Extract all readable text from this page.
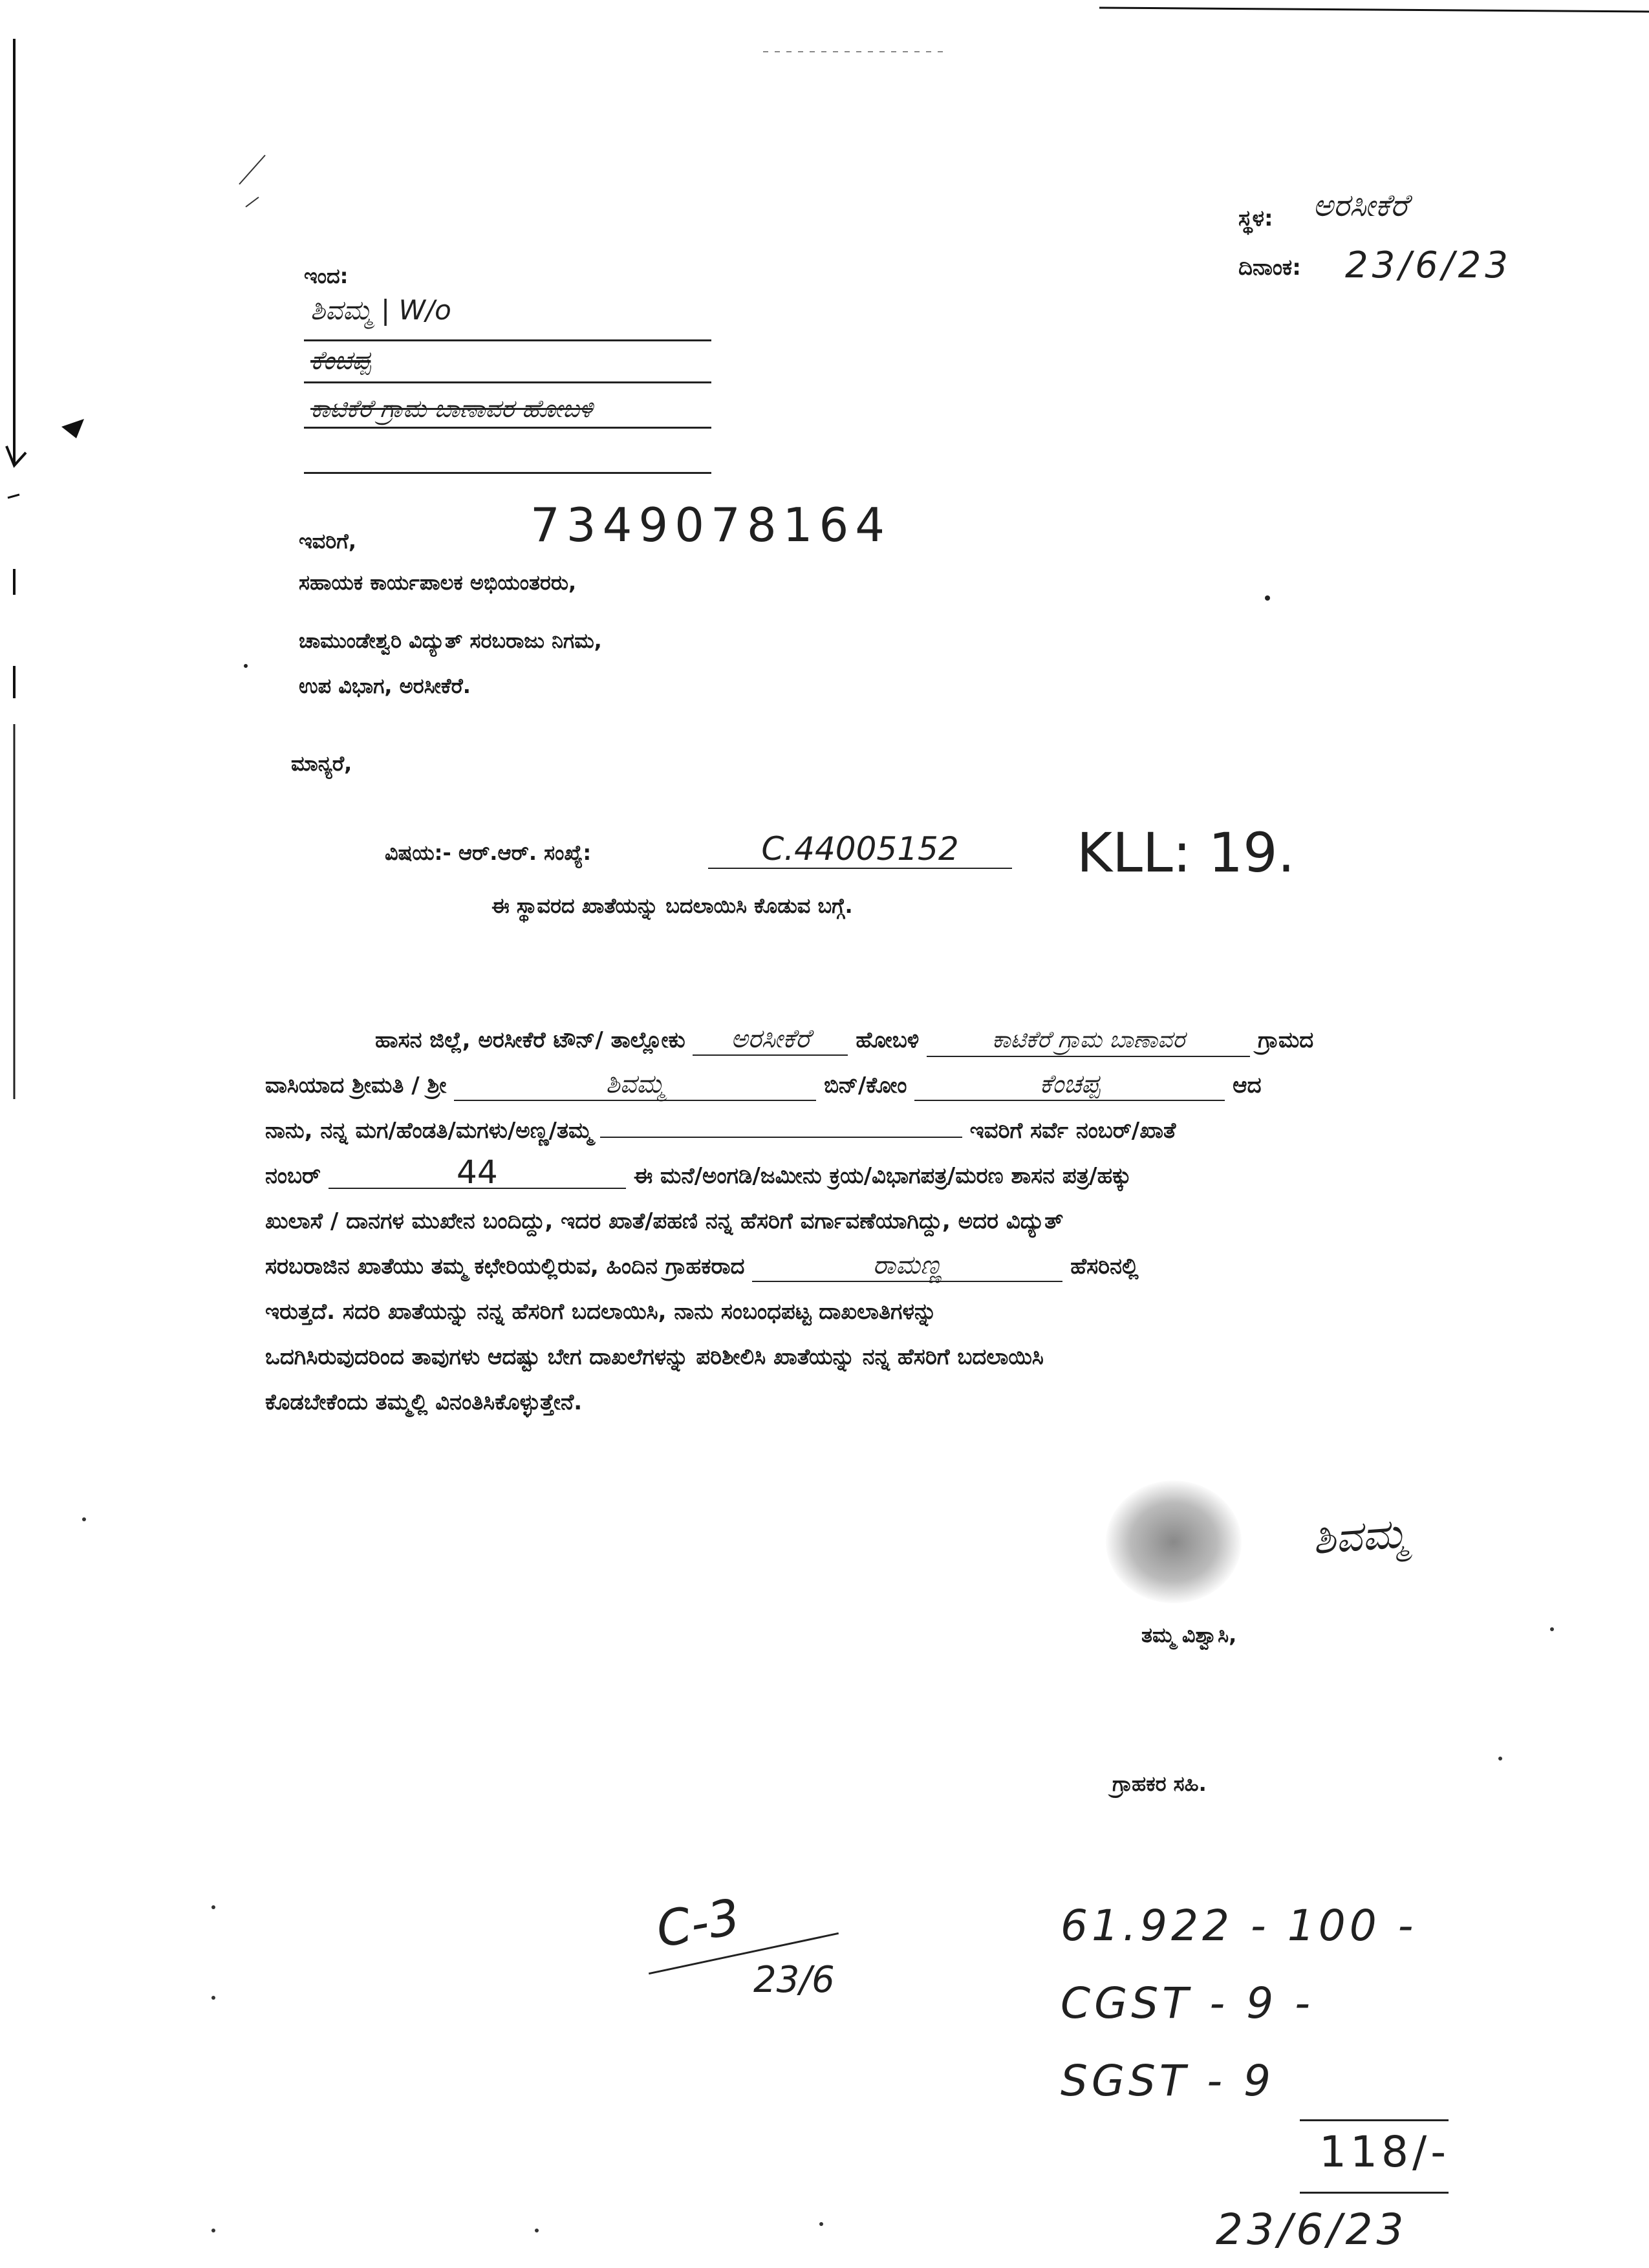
ಸ್ಥಳ: ಅರಸೀಕೆರೆ
ದಿನಾಂಕ: 23/6/23
ಇಂದ:
ಶಿವಮ್ಮ | W/o
ಕೆಂಚಪ್ಪ
ಕಾಟಿಕೆರೆ ಗ್ರಾಮ ಬಾಣಾವರ ಹೋಬಳಿ
7349078164
ಇವರಿಗೆ,
ಸಹಾಯಕ ಕಾರ್ಯಪಾಲಕ ಅಭಿಯಂತರರು,
ಚಾಮುಂಡೇಶ್ವರಿ ವಿದ್ಯುತ್ ಸರಬರಾಜು ನಿಗಮ,
ಉಪ ವಿಭಾಗ, ಅರಸೀಕೆರೆ.
ಮಾನ್ಯರೆ,
ವಿಷಯ:- ಆರ್.ಆರ್. ಸಂಖ್ಯೆ:	C.44005152	KLL: 19.
ಈ ಸ್ಥಾವರದ ಖಾತೆಯನ್ನು ಬದಲಾಯಿಸಿ ಕೊಡುವ ಬಗ್ಗೆ.
ಹಾಸನ ಜಿಲ್ಲೆ, ಅರಸೀಕೆರೆ ಟೌನ್/ ತಾಲ್ಲೋಕು ಅರಸೀಕೆರೆ ಹೋಬಳಿ	ಕಾಟಿಕೆರೆ ಗ್ರಾಮ ಬಾಣಾವರ	ಗ್ರಾಮದ
ವಾಸಿಯಾದ ಶ್ರೀಮತಿ / ಶ್ರೀ	ಶಿವಮ್ಮ	ಬಿನ್/ಕೋಂ	ಕೆಂಚಪ್ಪ	ಆದ
ನಾನು, ನನ್ನ ಮಗ/ಹೆಂಡತಿ/ಮಗಳು/ಅಣ್ಣ/ತಮ್ಮ	ಇವರಿಗೆ ಸರ್ವೆ ನಂಬರ್/ಖಾತೆ
ನಂಬರ್	44	ಈ ಮನೆ/ಅಂಗಡಿ/ಜಮೀನು ಕ್ರಯ/ವಿಭಾಗಪತ್ರ/ಮರಣ ಶಾಸನ ಪತ್ರ/ಹಕ್ಕು
ಖುಲಾಸೆ / ದಾನಗಳ ಮುಖೇನ ಬಂದಿದ್ದು, ಇದರ ಖಾತೆ/ಪಹಣಿ ನನ್ನ ಹೆಸರಿಗೆ ವರ್ಗಾವಣೆಯಾಗಿದ್ದು, ಅದರ ವಿದ್ಯುತ್
ಸರಬರಾಜಿನ ಖಾತೆಯು ತಮ್ಮ ಕಛೇರಿಯಲ್ಲಿರುವ, ಹಿಂದಿನ ಗ್ರಾಹಕರಾದ	ರಾಮಣ್ಣ	ಹೆಸರಿನಲ್ಲಿ
ಇರುತ್ತದೆ. ಸದರಿ ಖಾತೆಯನ್ನು ನನ್ನ ಹೆಸರಿಗೆ ಬದಲಾಯಿಸಿ, ನಾನು ಸಂಬಂಧಪಟ್ಟ ದಾಖಲಾತಿಗಳನ್ನು
ಒದಗಿಸಿರುವುದರಿಂದ ತಾವುಗಳು ಆದಷ್ಟು ಬೇಗ ದಾಖಲೆಗಳನ್ನು ಪರಿಶೀಲಿಸಿ ಖಾತೆಯನ್ನು ನನ್ನ ಹೆಸರಿಗೆ ಬದಲಾಯಿಸಿ
ಕೊಡಬೇಕೆಂದು ತಮ್ಮಲ್ಲಿ ವಿನಂತಿಸಿಕೊಳ್ಳುತ್ತೇನೆ.
ಶಿವಮ್ಮ
ತಮ್ಮ ವಿಶ್ವಾಸಿ,
ಗ್ರಾಹಕರ ಸಹಿ.
C-3
23/6
61.922 - 100 -
CGST - 9 -
SGST - 9
118/-
23/6/23
